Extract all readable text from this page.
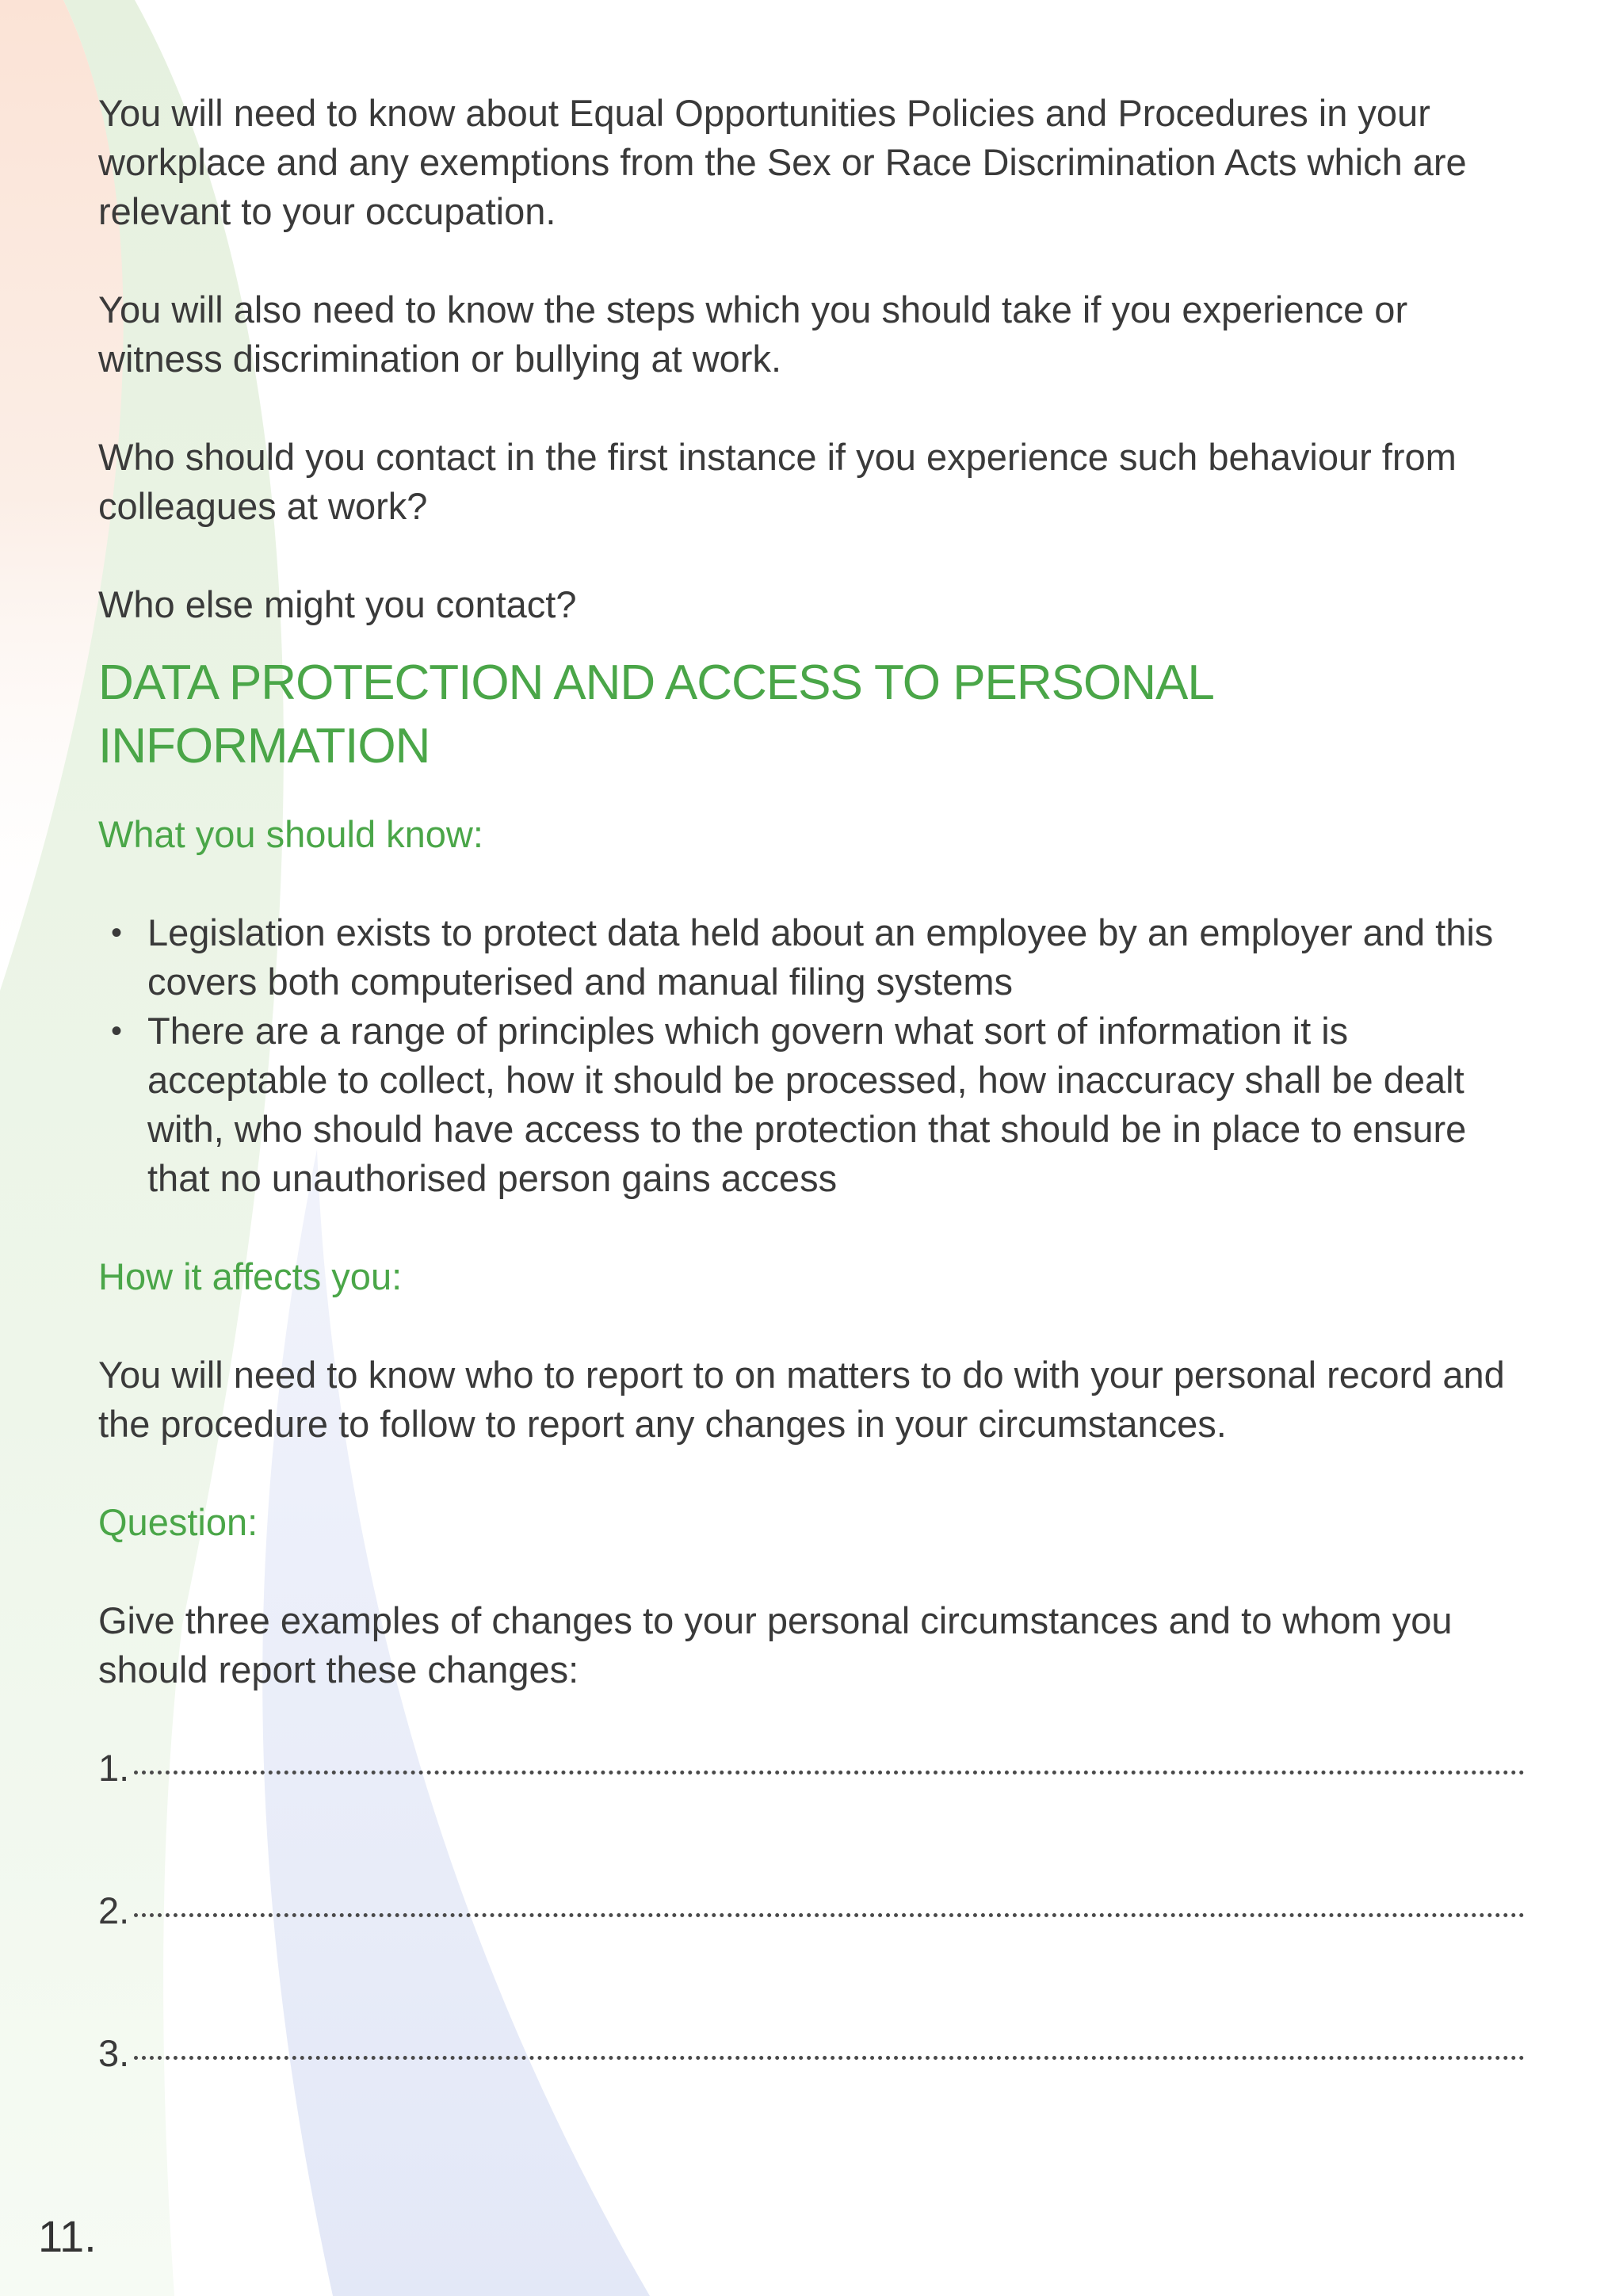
You will need to know about Equal Opportunities Policies and Procedures in your workplace and any exemptions from the Sex or Race Discrimination Acts which are relevant to your occupation.

You will also need to know the steps which you should take if you experience or witness discrimination or bullying at work.

Who should you contact in the first instance if you experience such behaviour from colleagues at work?

Who else might you contact?

DATA PROTECTION AND ACCESS TO PERSONAL INFORMATION
What you should know:
• Legislation exists to protect data held about an employee by an employer and this covers both computerised and manual filing systems
• There are a range of principles which govern what sort of information it is acceptable to collect, how it should be processed, how inaccuracy shall be dealt with, who should have access to the protection that should be in place to ensure that no unauthorised person gains access
How it affects you:

You will need to know who to report to on matters to do with your personal record and the procedure to follow to report any changes in your circumstances.

Question:

Give three examples of changes to your personal circumstances and to whom you should report these changes:

1.
2.
3.
11.
